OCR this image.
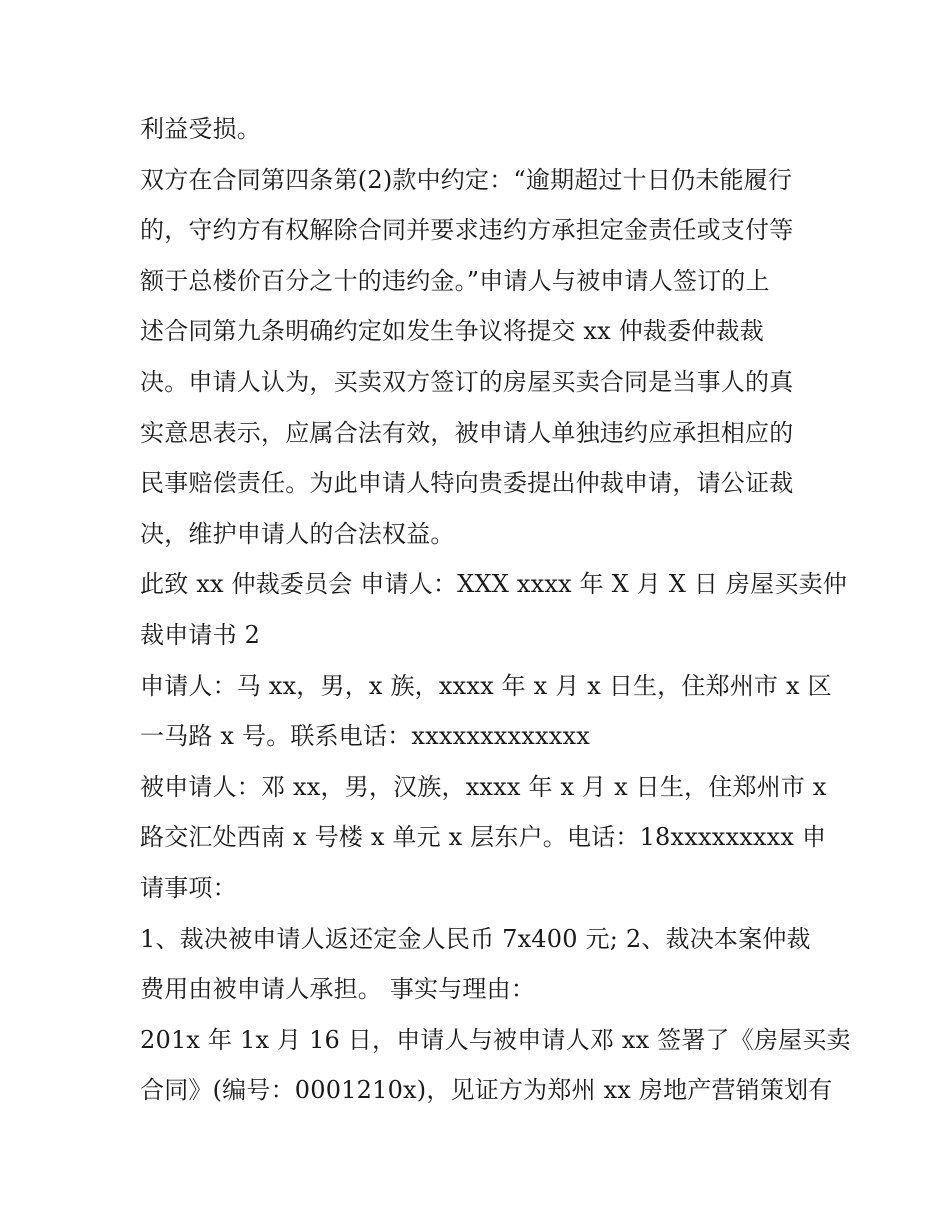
利益受损。
双方在合同第四条第(2)款中约定：“逾期超过十日仍未能履行
的，守约方有权解除合同并要求违约方承担定金责任或支付等
额于总楼价百分之十的违约金。”申请人与被申请人签订的上
述合同第九条明确约定如发生争议将提交 xx 仲裁委仲裁裁
决。申请人认为，买卖双方签订的房屋买卖合同是当事人的真
实意思表示，应属合法有效，被申请人单独违约应承担相应的
民事赔偿责任。为此申请人特向贵委提出仲裁申请，请公证裁
决，维护申请人的合法权益。
此致 xx 仲裁委员会 申请人：XXX xxxx 年 X 月 X 日 房屋买卖仲
裁申请书 2
申请人：马 xx，男，x 族，xxxx 年 x 月 x 日生，住郑州市 x 区
一马路 x 号。联系电话：xxxxxxxxxxxxx
被申请人：邓 xx，男，汉族，xxxx 年 x 月 x 日生，住郑州市 x
路交汇处西南 x 号楼 x 单元 x 层东户。电话：18xxxxxxxxx 申
请事项：
1、裁决被申请人返还定金人民币 7x400 元; 2、裁决本案仲裁
费用由被申请人承担。 事实与理由：
201x 年 1x 月 16 日，申请人与被申请人邓 xx 签署了《房屋买卖
合同》(编号：0001210x)，见证方为郑州 xx 房地产营销策划有
